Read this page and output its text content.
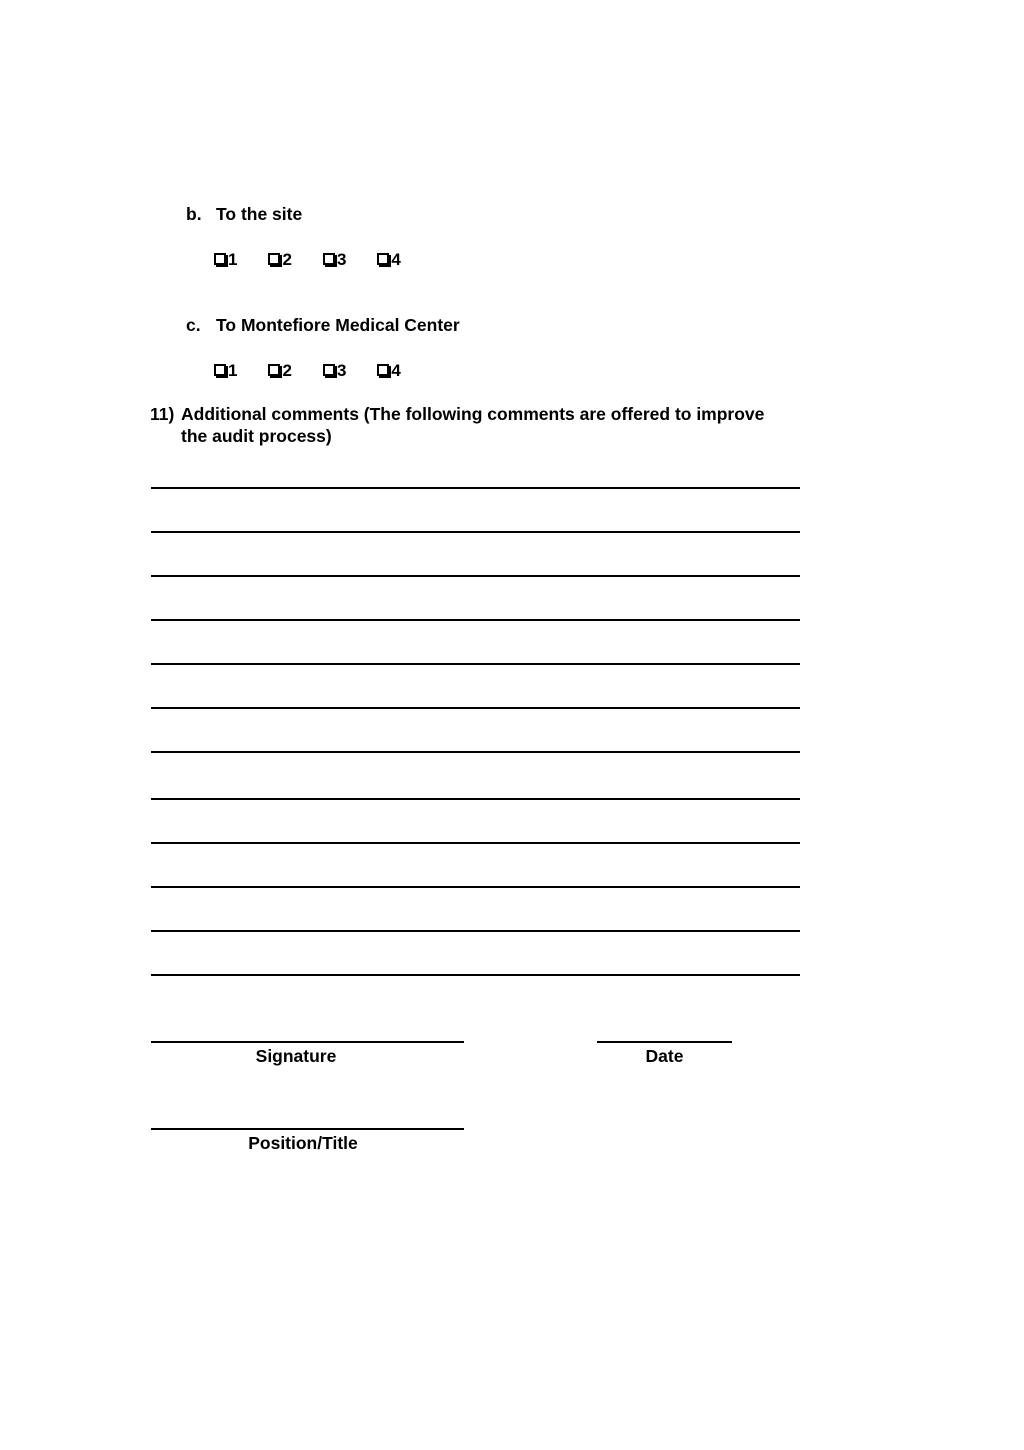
b. To the site
1	2	3	4
c. To Montefiore Medical Center
1	2	3	4
11) Additional comments (The following comments are offered to improve
the audit process)
Signature	Date
Position/Title
